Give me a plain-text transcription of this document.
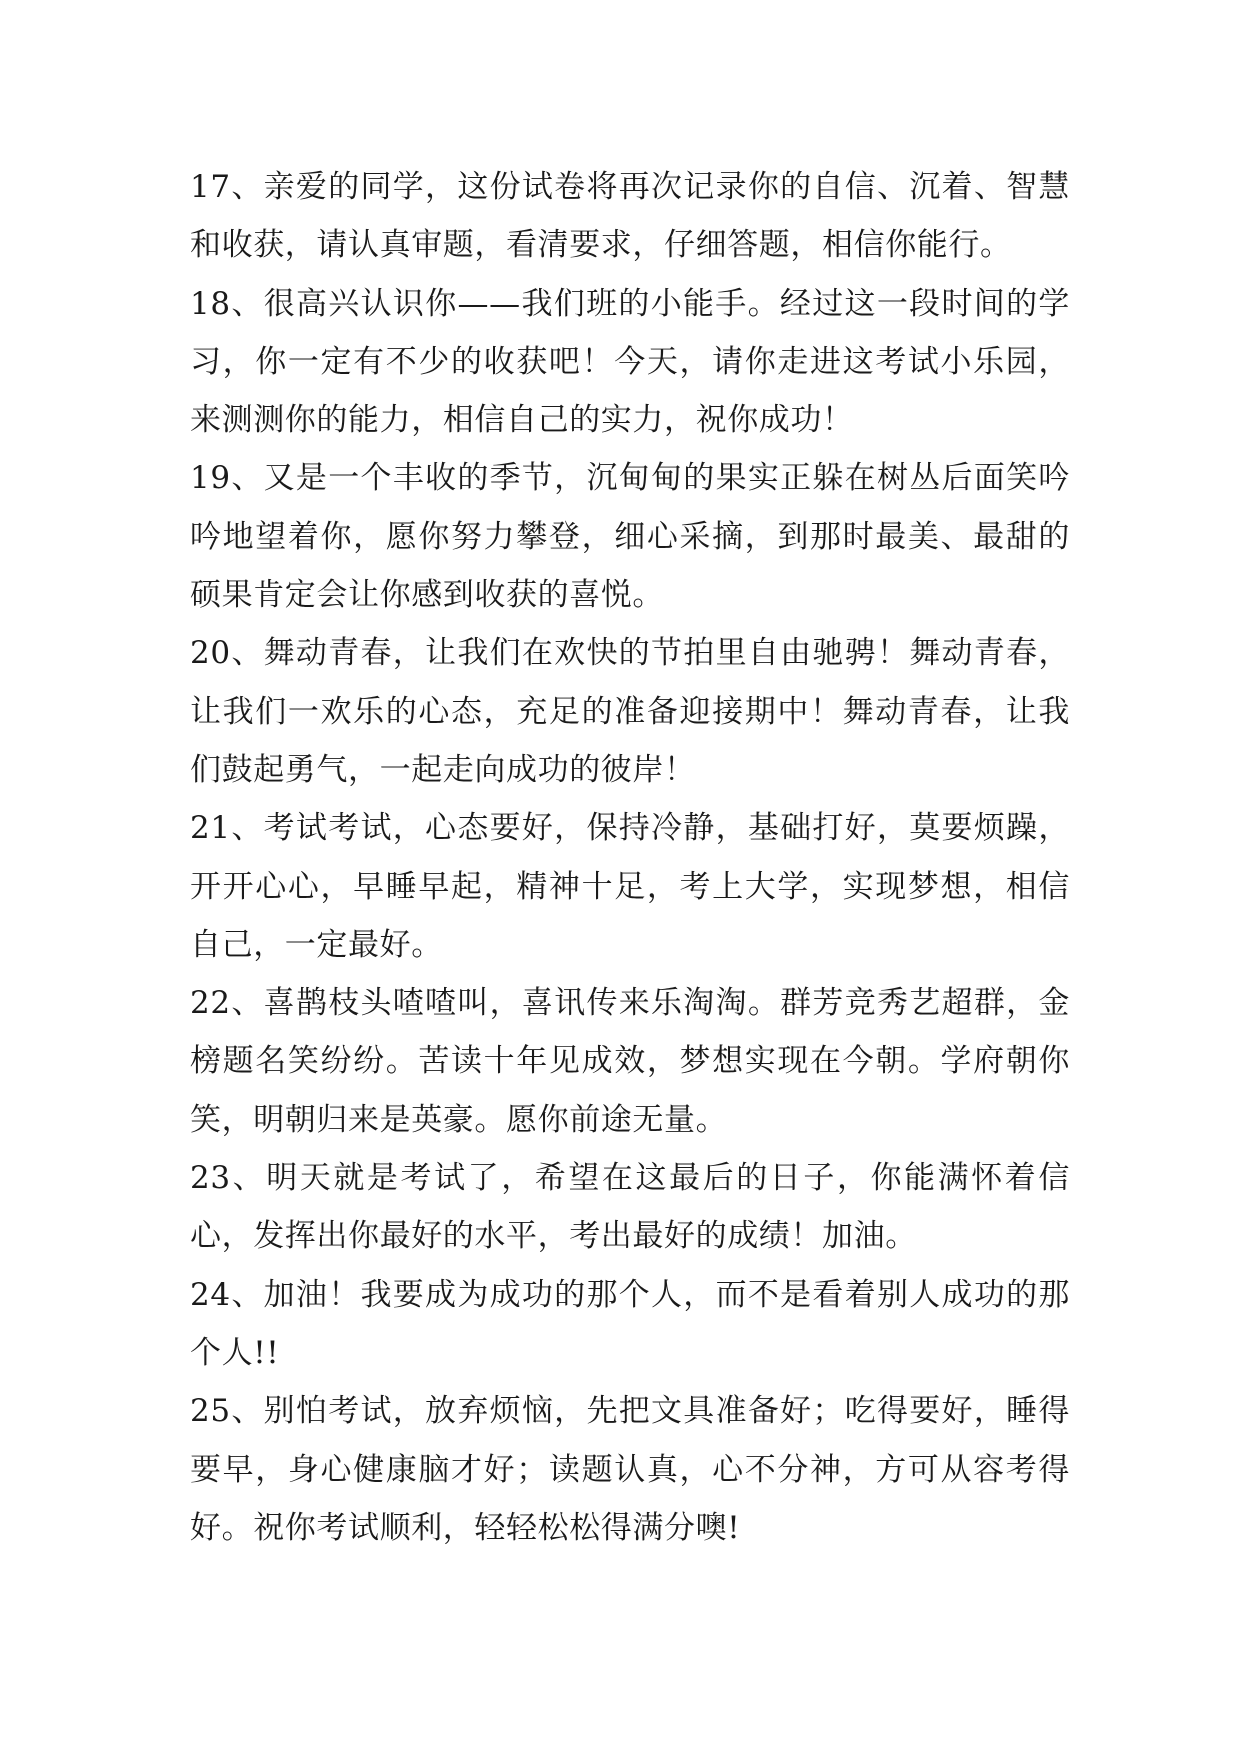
17、亲爱的同学，这份试卷将再次记录你的自信、沉着、智慧和收获，请认真审题，看清要求，仔细答题，相信你能行。

18、很高兴认识你——我们班的小能手。经过这一段时间的学习，你一定有不少的收获吧！今天，请你走进这考试小乐园，来测测你的能力，相信自己的实力，祝你成功！

19、又是一个丰收的季节，沉甸甸的果实正躲在树丛后面笑吟吟地望着你，愿你努力攀登，细心采摘，到那时最美、最甜的硕果肯定会让你感到收获的喜悦。

20、舞动青春，让我们在欢快的节拍里自由驰骋！舞动青春，让我们一欢乐的心态，充足的准备迎接期中！舞动青春，让我们鼓起勇气，一起走向成功的彼岸！

21、考试考试，心态要好，保持冷静，基础打好，莫要烦躁，开开心心，早睡早起，精神十足，考上大学，实现梦想，相信自己，一定最好。

22、喜鹊枝头喳喳叫，喜讯传来乐淘淘。群芳竞秀艺超群，金榜题名笑纷纷。苦读十年见成效，梦想实现在今朝。学府朝你笑，明朝归来是英豪。愿你前途无量。

23、明天就是考试了，希望在这最后的日子，你能满怀着信心，发挥出你最好的水平，考出最好的成绩！加油。

24、加油！我要成为成功的那个人，而不是看着别人成功的那个人!!

25、别怕考试，放弃烦恼，先把文具准备好；吃得要好，睡得要早，身心健康脑才好；读题认真，心不分神，方可从容考得好。祝你考试顺利，轻轻松松得满分噢!
